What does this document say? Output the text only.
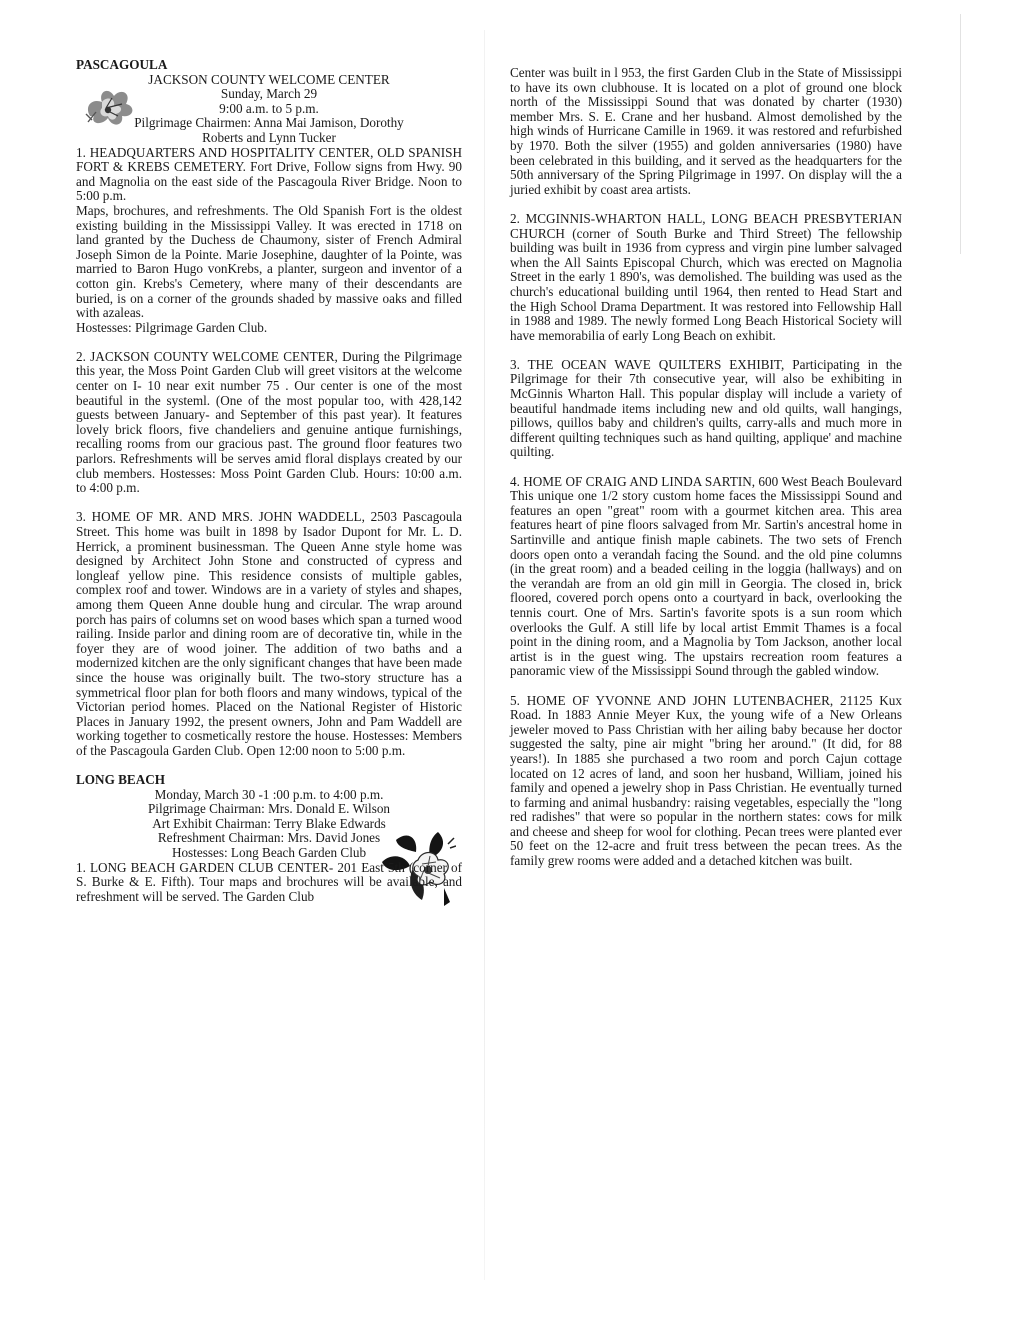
PASCAGOULA

JACKSON COUNTY WELCOME CENTER

Sunday, March 29

9:00 a.m. to 5 p.m.

Pilgrimage Chairmen: Anna Mai Jamison, Dorothy

Roberts and Lynn Tucker

1. HEADQUARTERS AND HOSPITALITY CENTER, OLD SPANISH FORT & KREBS CEMETERY. Fort Drive, Follow signs from Hwy. 90 and Magnolia on the east side of the Pascagoula River Bridge. Noon to 5:00 p.m.

Maps, brochures, and refreshments. The Old Spanish Fort is the oldest existing building in the Mississippi Valley. It was erected in 1718 on land granted by the Duchess de Chaumony, sister of French Admiral Joseph Simon de la Pointe. Marie Josephine, daughter of la Pointe, was married to Baron Hugo vonKrebs, a planter, surgeon and inventor of a cotton gin. Krebs's Cemetery, where many of their descendants are buried, is on a corner of the grounds shaded by massive oaks and filled with azaleas.

Hostesses: Pilgrimage Garden Club.

2. JACKSON COUNTY WELCOME CENTER, During the Pilgrimage this year, the Moss Point Garden Club will greet visitors at the welcome center on I- 10 near exit number 75 . Our center is one of the most beautiful in the systeml. (One of the most popular too, with 428,142 guests between January- and September of this past year). It features lovely brick floors, five chandeliers and genuine antique furnishings, recalling rooms from our gracious past. The ground floor features two parlors. Refreshments will be serves amid floral displays created by our club members. Hostesses: Moss Point Garden Club. Hours: 10:00 a.m. to 4:00 p.m.

3. HOME OF MR. AND MRS. JOHN WADDELL, 2503 Pascagoula Street. This home was built in 1898 by Isador Dupont for Mr. L. D. Herrick, a prominent businessman. The Queen Anne style home was designed by Architect John Stone and constructed of cypress and longleaf yellow pine. This residence consists of multiple gables, complex roof and tower. Windows are in a variety of styles and shapes, among them Queen Anne double hung and circular. The wrap around porch has pairs of columns set on wood bases which span a turned wood railing. Inside parlor and dining room are of decorative tin, while in the foyer they are of wood joiner. The addition of two baths and a modernized kitchen are the only significant changes that have been made since the house was originally built. The two-story structure has a symmetrical floor plan for both floors and many windows, typical of the Victorian period homes. Placed on the National Register of Historic Places in January 1992, the present owners, John and Pam Waddell are working together to cosmetically restore the house. Hostesses: Members of the Pascagoula Garden Club. Open 12:00 noon to 5:00 p.m.

LONG BEACH

Monday, March 30 -1 :00 p.m. to 4:00 p.m.

Pilgrimage Chairman: Mrs. Donald E. Wilson

Art Exhibit Chairman: Terry Blake Edwards

Refreshment Chairman: Mrs. David Jones

Hostesses: Long Beach Garden Club

1. LONG BEACH GARDEN CLUB CENTER- 201 East 5th (corner of S. Burke & E. Fifth). Tour maps and brochures will be available, and refreshment will be served. The Garden Club

Center was built in l 953, the first Garden Club in the State of Mississippi to have its own clubhouse. It is located on a plot of ground one block north of the Mississippi Sound that was donated by charter (1930) member Mrs. S. E. Crane and her husband. Almost demolished by the high winds of Hurricane Camille in 1969. it was restored and refurbished by 1970. Both the silver (1955) and golden anniversaries (1980) have been celebrated in this building, and it served as the headquarters for the 50th anniversary of the Spring Pilgrimage in 1997. On display will the a juried exhibit by coast area artists.

2. MCGINNIS-WHARTON HALL, LONG BEACH PRESBYTERIAN CHURCH (corner of South Burke and Third Street) The fellowship building was built in 1936 from cypress and virgin pine lumber salvaged when the All Saints Episcopal Church, which was erected on Magnolia Street in the early 1 890's, was demolished. The building was used as the church's educational building until 1964, then rented to Head Start and the High School Drama Department. It was restored into Fellowship Hall in 1988 and 1989. The newly formed Long Beach Historical Society will have memorabilia of early Long Beach on exhibit.

3. THE OCEAN WAVE QUILTERS EXHIBIT, Participating in the Pilgrimage for their 7th consecutive year, will also be exhibiting in McGinnis Wharton Hall. This popular display will include a variety of beautiful handmade items including new and old quilts, wall hangings, pillows, quillos baby and children's quilts, carry-alls and much more in different quilting techniques such as hand quilting, applique' and machine quilting.

4. HOME OF CRAIG AND LINDA SARTIN, 600 West Beach Boulevard This unique one 1/2 story custom home faces the Mississippi Sound and features an open "great" room with a gourmet kitchen area. This area features heart of pine floors salvaged from Mr. Sartin's ancestral home in Sartinville and antique finish maple cabinets. The two sets of French doors open onto a verandah facing the Sound. and the old pine columns (in the great room) and a beaded ceiling in the loggia (hallways) and on the verandah are from an old gin mill in Georgia. The closed in, brick floored, covered porch opens onto a courtyard in back, overlooking the tennis court. One of Mrs. Sartin's favorite spots is a sun room which overlooks the Gulf. A still life by local artist Emmit Thames is a focal point in the dining room, and a Magnolia by Tom Jackson, another local artist is in the guest wing. The upstairs recreation room features a panoramic view of the Mississippi Sound through the gabled window.

5. HOME OF YVONNE AND JOHN LUTENBACHER, 21125 Kux Road. In 1883 Annie Meyer Kux, the young wife of a New Orleans jeweler moved to Pass Christian with her ailing baby because her doctor suggested the salty, pine air might "bring her around." (It did, for 88 years!). In 1885 she purchased a two room and porch Cajun cottage located on 12 acres of land, and soon her husband, William, joined his family and opened a jewelry shop in Pass Christian. He eventually turned to farming and animal husbandry: raising vegetables, especially the "long red radishes" that were so popular in the northern states: cows for milk and cheese and sheep for wool for clothing. Pecan trees were planted ever 50 feet on the 12-acre and fruit tress between the pecan trees. As the family grew rooms were added and a detached kitchen was built.
